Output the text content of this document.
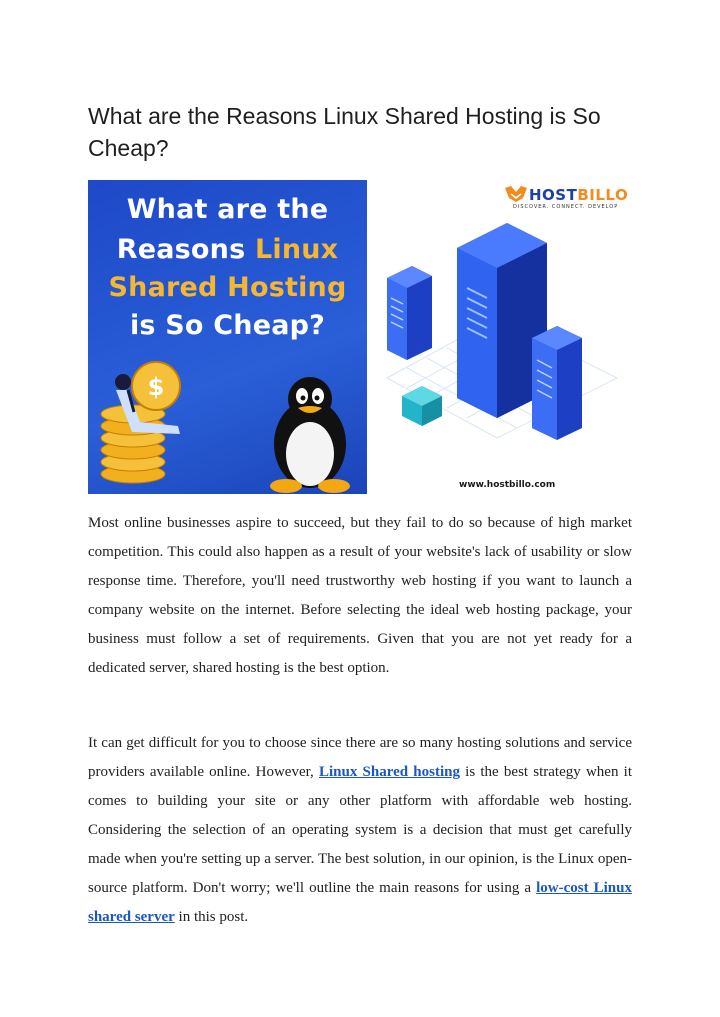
What are the Reasons Linux Shared Hosting is So Cheap?
What are the
Reasons Linux
Shared Hosting
is So Cheap?
$
HOSTBILLO
DISCOVER. CONNECT. DEVELOP
www.hostbillo.com

Most online businesses aspire to succeed, but they fail to do so because of high market competition. This could also happen as a result of your website's lack of usability or slow response time. Therefore, you'll need trustworthy web hosting if you want to launch a company website on the internet. Before selecting the ideal web hosting package, your business must follow a set of requirements. Given that you are not yet ready for a dedicated server, shared hosting is the best option.

It can get difficult for you to choose since there are so many hosting solutions and service providers available online. However, Linux Shared hosting is the best strategy when it comes to building your site or any other platform with affordable web hosting. Considering the selection of an operating system is a decision that must get carefully made when you're setting up a server. The best solution, in our opinion, is the Linux open-source platform. Don't worry; we'll outline the main reasons for using a low-cost Linux shared server in this post.
